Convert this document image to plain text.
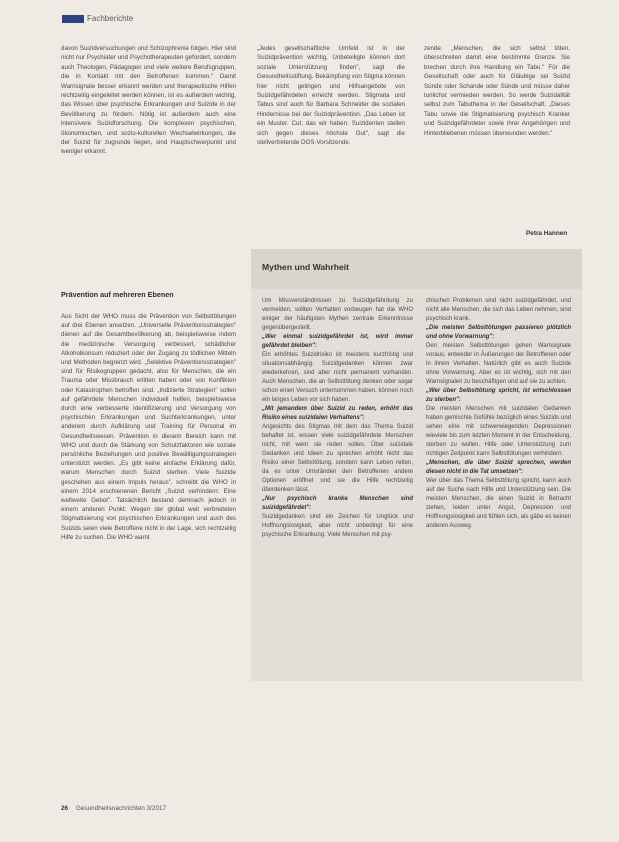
Fachberichte

davon Suizidversuchungen und Schizophrenie folgen. Hier sind nicht nur Psychiater und Psychotherapeuten gefordert, sondern auch Theologen, Pädagogen und viele weitere Berufsgruppen, die in Kontakt mit den Betroffenen kommen." Damit Warnsignale besser erkannt werden und therapeutische Hilfen rechtzeitig eingeleitet werden können, ist es außerdem wichtig, das Wissen über psychische Erkrankungen und Suizide in der Bevölkerung zu fördern. Nötig ist außerdem auch eine intensivere Suizidforschung. Die komplexen psychischen, ökonomischen, und sozio-kulturellen Wechselwirkungen, die der Suizid für zugrunde liegen, sind Hauptschwerpunkt und weniger erkannt.

Prävention auf mehreren Ebenen

Aus Sicht der WHO muss die Prävention von Selbsttötungen auf drei Ebenen ansetzen. „Universelle Präventionsstrategien" dienen auf die Gesamtbevölkerung ab, beispielsweise indem die medizinische Versorgung verbessert, schädlicher Alkoholkonsum reduziert oder der Zugang zu tödlichen Mitteln und Methoden begrenzt wird. „Selektive Präventionsstrategien" sind für Risikogruppen gedacht, also für Menschen, die ein Trauma oder Missbrauch erlitten haben oder von Konflikten oder Katastrophen betroffen sind. „Indizierte Strategien" sollen auf gefährdete Menschen individuell helfen, beispielsweise durch eine verbesserte Identifizierung und Versorgung von psychischen Erkrankungen und Suchterkrankungen, unter anderem durch Aufklärung und Training für Personal im Gesundheitswesen. Prävention in diesem Bereich kann mit WHO und durch die Stärkung von Schutzfaktoren wie soziale persönliche Beziehungen und positive Bewältigungsstrategien unterstützt werden. „Es gibt keine einfache Erklärung dafür, warum Menschen durch Suizid sterben. Viele Suizide geschehen aus einem Impuls heraus", schreibt die WHO in einem 2014 erschienenen Bericht „Suizid verhindern: Eine weltweite Gebot". Tatsächlich bestand demnach jedoch in einem anderen Punkt: Wegen der global weit verbreiteten Stigmatisierung von psychischen Erkrankungen und auch des Suizids seien viele Betroffene nicht in der Lage, sich rechtzeitig Hilfe zu suchen. Die WHO warnt

„Jedes gesellschaftliche Umfeld ist in der Suizidprävention wichtig, Unbeteiligte können dort soziale Unterstützung finden", sagt die Gesundheitsstiftung. Bekämpfung von Stigma können hier nicht gelingen und Hilfsangebote von Suizidgefährdeten erreicht werden. Stigmata und Tabus sind auch für Barbara Schneider die sozialen Hindernisse bei der Suizidprävention. „Das Leben ist ein Muster. Cut, das wir haben. Suizidenten stellen sich gegen dieses höchste Gut", sagt die stellvertretende DGS-Vorsitzende.

zende. „Menschen, die sich selbst töten, überschreiten damit eine bestimmte Grenze. Sie brechen durch ihre Handlung ein Tabu." Für die Gesellschaft oder auch für Gläubige sei Suizid Sünde oder Schande oder Sünde und müsse daher tunlichst vermieden werden. So werde Suizidalität selbst zum Tabuthema in der Gesellschaft. „Dieses Tabu sowie die Stigmatisierung psychisch Kranker und Suizidgefährdeter sowie ihrer Angehörigen und Hinterbliebenen müssen überwunden werden."

Petra Hannen
Mythen und Wahrheit

Um Missverständnissen zu Suizidgefährdung zu vermeiden, sollten Verhalten vorbeugen hat die WHO einiger der häufigsten Mythen zentrale Erkenntnisse gegenübergestellt.

„Wer einmal suizidgefährdet ist, wird immer gefährdet bleiben":

Ein erhöhtes Suizidrisiko ist meistens kurzfristig und situationsabhängig. Suizidgedanken können zwar wiederkehren, sind aber nicht permanent vorhanden. Auch Menschen, die an Selbsttötung denken oder sogar schon einen Versuch unternommen haben, können noch ein langes Leben vor sich haben.

„Mit jemandem über Suizid zu reden, erhöht das Risiko eines suizidalen Verhaltens":

Angesichts des Stigmas mit dem das Thema Suizid behaftet ist, wissen viele suizidgefährdete Menschen nicht, mit wem sie reden sollen. Über suizidale Gedanken und Ideen zu sprechen erhöht nicht das Risiko einer Selbsttötung, sondern kann Leben retten, da es unter Umständen den Betroffenen andere Optionen eröffnet und sie die Hilfe rechtzeitig überdenken lässt.

„Nur psychisch kranke Menschen sind suizidgefährdet":

Suizidgedanken sind ein Zeichen für Unglück und Hoffnungslosigkeit, aber nicht unbedingt für eine psychische Erkrankung. Viele Menschen mit psy-

chischen Problemen sind nicht suizidgefährdet, und nicht alle Menschen, die sich das Leben nehmen, sind psychisch krank.

„Die meisten Selbsttötungen passieren plötzlich und ohne Vorwarnung":

Den meisten Selbsttötungen gehen Warnsignale voraus, entweder in Äußerungen der Betroffenen oder in ihrem Verhalten. Natürlich gibt es auch Suizide ohne Vorwarnung. Aber es ist wichtig, sich mit den Warnsignalen zu beschäftigen und auf sie zu achten.

„Wer über Selbsttötung spricht, ist entschlossen zu sterben":

Die meisten Menschen mit suizidalen Gedanken haben gemischte Gefühle bezüglich eines Suizids und sehen eine mit schwerwiegenden Depressionen wieviele bis zum letzten Moment in der Entscheidung, sterben zu wollen. Hilfe oder Unterstützung zum richtigen Zeitpunkt kann Selbsttötungen verhindern.

„Menschen, die über Suizid sprechen, werden diesen nicht in die Tat umsetzen":

Wer über das Thema Selbsttötung spricht, kann auch auf der Suche nach Hilfe und Unterstützung sein. Die meisten Menschen, die einen Suizid in Betracht ziehen, leiden unter Angst, Depression und Hoffnungslosigkeit und fühlen sich, als gäbe es keinen anderen Ausweg.

26 Gesundheitsnachrichten 3/2017
